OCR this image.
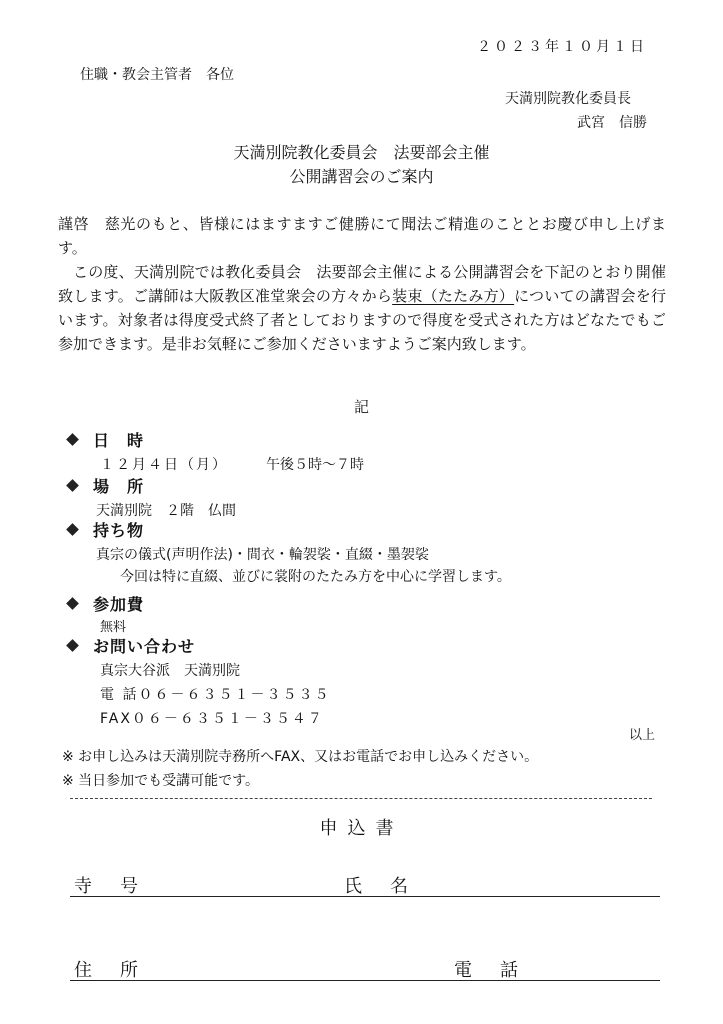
２０２３年１０月１日
住職・教会主管者　各位
天満別院教化委員長
武宮　信勝
天満別院教化委員会　法要部会主催
公開講習会のご案内

謹啓　慈光のもと、皆様にはますますご健勝にて聞法ご精進のこととお慶び申し上げます。

この度、天満別院では教化委員会　法要部会主催による公開講習会を下記のとおり開催致します。ご講師は大阪教区准堂衆会の方々から装束（たたみ方）についての講習会を行います。対象者は得度受式終了者としておりますので得度を受式された方はどなたでもご参加できます。是非お気軽にご参加くださいますようご案内致します。

記
日　時
１２月４日（月）	午後５時～７時
場　所
天満別院　２階　仏間
持ち物
真宗の儀式(声明作法)・間衣・輪袈裟・直綴・墨袈裟
今回は特に直綴、並びに裳附のたたみ方を中心に学習します。
参加費
無料
お問い合わせ
真宗大谷派　天満別院
電 話０６－６３５１－３５３５
FAX０６－６３５１－３５４７
以上
※ お申し込みは天満別院寺務所へFAX、又はお電話でお申し込みください。
※ 当日参加でも受講可能です。
申込書
寺号	氏名
住所	電話
